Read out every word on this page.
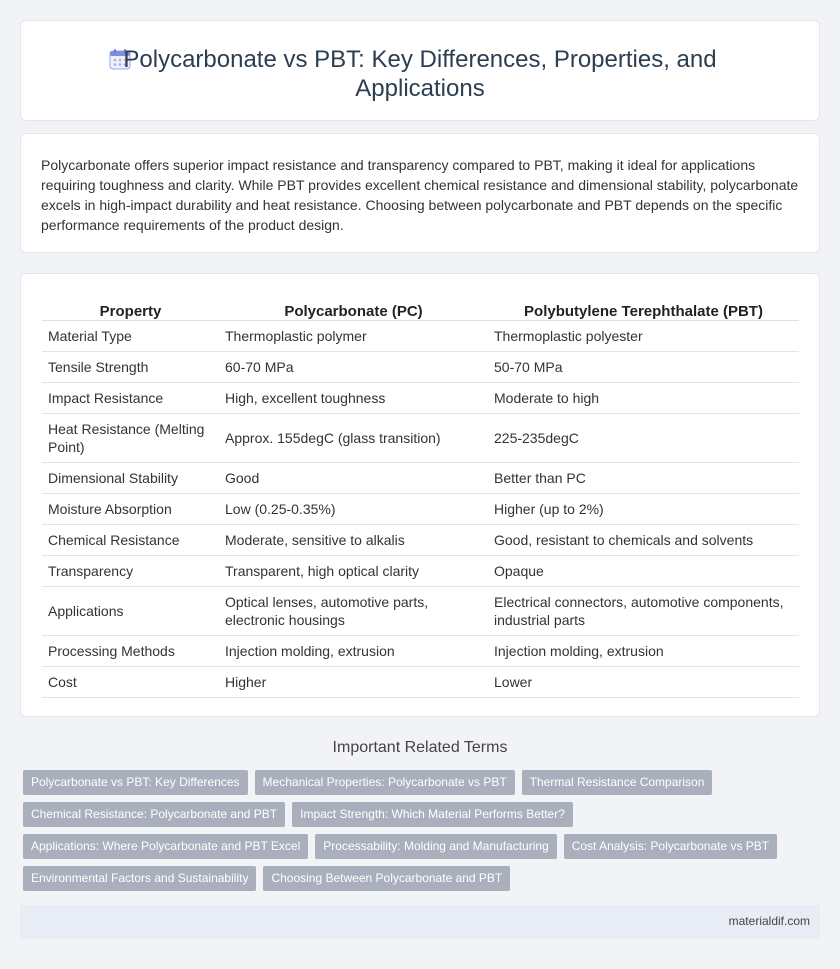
Polycarbonate vs PBT: Key Differences, Properties, and
Applications

Polycarbonate offers superior impact resistance and transparency compared to PBT, making it ideal for applications requiring toughness and clarity. While PBT provides excellent chemical resistance and dimensional stability, polycarbonate excels in high-impact durability and heat resistance. Choosing between polycarbonate and PBT depends on the specific performance requirements of the product design.

Property	Polycarbonate (PC)	Polybutylene Terephthalate (PBT)
Material Type	Thermoplastic polymer	Thermoplastic polyester
Tensile Strength	60-70 MPa	50-70 MPa
Impact Resistance	High, excellent toughness	Moderate to high
Heat Resistance (Melting Point)	Approx. 155degC (glass transition)	225-235degC
Dimensional Stability	Good	Better than PC
Moisture Absorption	Low (0.25-0.35%)	Higher (up to 2%)
Chemical Resistance	Moderate, sensitive to alkalis	Good, resistant to chemicals and solvents
Transparency	Transparent, high optical clarity	Opaque
Applications	Optical lenses, automotive parts, electronic housings	Electrical connectors, automotive components, industrial parts
Processing Methods	Injection molding, extrusion	Injection molding, extrusion
Cost	Higher	Lower
Important Related Terms
Polycarbonate vs PBT: Key Differences	Mechanical Properties: Polycarbonate vs PBT	Thermal Resistance Comparison
Chemical Resistance: Polycarbonate and PBT	Impact Strength: Which Material Performs Better?
Applications: Where Polycarbonate and PBT Excel	Processability: Molding and Manufacturing	Cost Analysis: Polycarbonate vs PBT
Environmental Factors and Sustainability	Choosing Between Polycarbonate and PBT
materialdif.com
